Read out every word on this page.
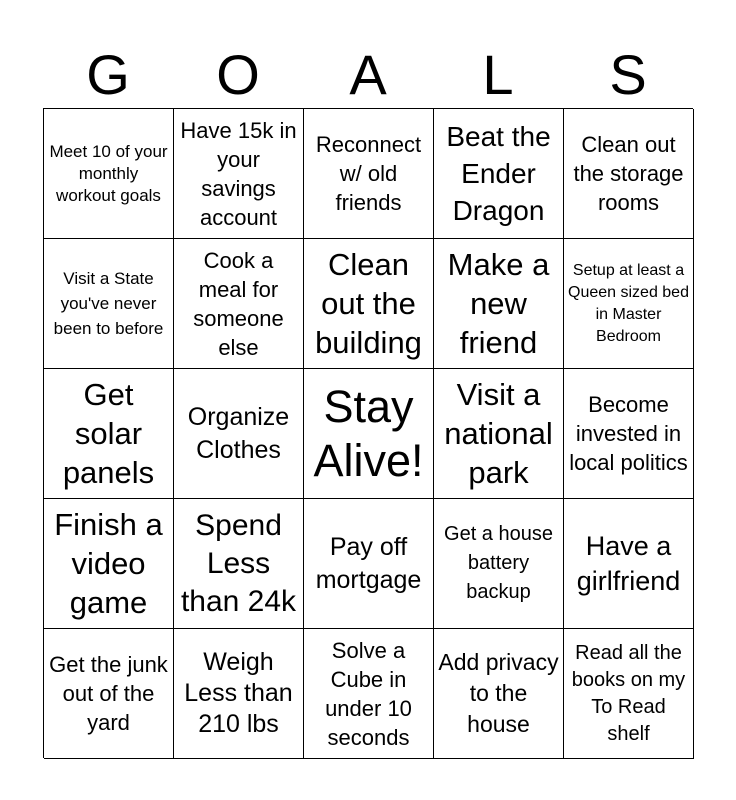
G	O	A	L	S
Meet 10 of your monthly workout goals
Have 15k in your savings account
Reconnect w/ old friends
Beat the Ender Dragon
Clean out the storage rooms
Visit a State you've never been to before
Cook a meal for someone else
Clean out the building
Make a new friend
Setup at least a Queen sized bed in Master Bedroom
Get solar panels
Organize Clothes
Stay Alive!
Visit a national park
Become invested in local politics
Finish a video game
Spend Less than 24k
Pay off mortgage
Get a house battery backup
Have a girlfriend
Get the junk out of the yard
Weigh Less than 210 lbs
Solve a Cube in under 10 seconds
Add privacy to the house
Read all the books on my To Read shelf
